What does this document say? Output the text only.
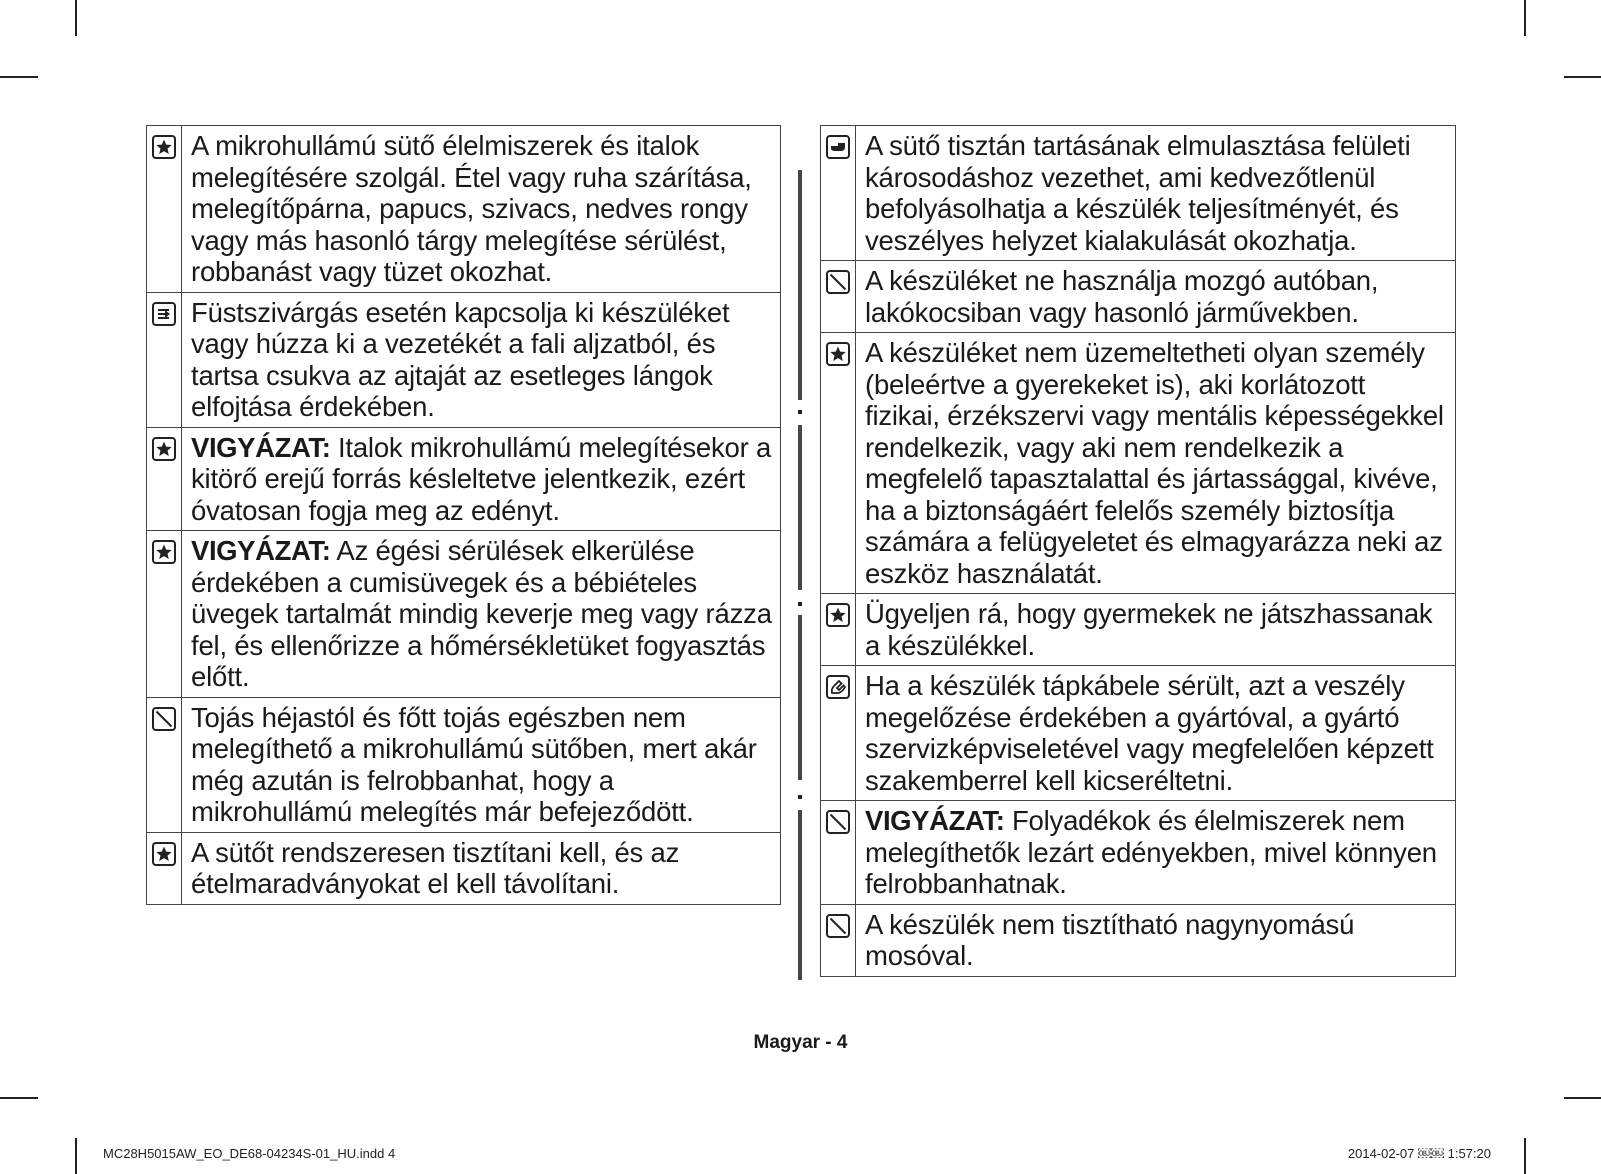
	A mikrohullámú sütő élelmiszerek és italok melegítésére szolgál. Étel vagy ruha szárítása, melegítőpárna, papucs, szivacs, nedves rongy vagy más hasonló tárgy melegítése sérülést, robbanást vagy tüzet okozhat.

	Füstszivárgás esetén kapcsolja ki készüléket vagy húzza ki a vezetékét a fali aljzatból, és tartsa csukva az ajtaját az esetleges lángok elfojtása érdekében.

	VIGYÁZAT: Italok mikrohullámú melegítésekor a kitörő erejű forrás késleltetve jelentkezik, ezért óvatosan fogja meg az edényt.

	VIGYÁZAT: Az égési sérülések elkerülése érdekében a cumisüvegek és a bébiételes üvegek tartalmát mindig keverje meg vagy rázza fel, és ellenőrizze a hőmérsékletüket fogyasztás előtt.

	Tojás héjastól és főtt tojás egészben nem melegíthető a mikrohullámú sütőben, mert akár még azután is felrobbanhat, hogy a mikrohullámú melegítés már befejeződött.

	A sütőt rendszeresen tisztítani kell, és az ételmaradványokat el kell távolítani.
	A sütő tisztán tartásának elmulasztása felületi károsodáshoz vezethet, ami kedvezőtlenül befolyásolhatja a készülék teljesítményét, és veszélyes helyzet kialakulását okozhatja.

	A készüléket ne használja mozgó autóban, lakókocsiban vagy hasonló járművekben.

	A készüléket nem üzemeltetheti olyan személy (beleértve a gyerekeket is), aki korlátozott fizikai, érzékszervi vagy mentális képességekkel rendelkezik, vagy aki nem rendelkezik a megfelelő tapasztalattal és jártassággal, kivéve, ha a biztonságáért felelős személy biztosítja számára a felügyeletet és elmagyarázza neki az eszköz használatát.

	Ügyeljen rá, hogy gyermekek ne játszhassanak a készülékkel.

	Ha a készülék tápkábele sérült, azt a veszély megelőzése érdekében a gyártóval, a gyártó szervizképviseletével vagy megfelelően képzett szakemberrel kell kicseréltetni.

	VIGYÁZAT: Folyadékok és élelmiszerek nem melegíthetők lezárt edényekben, mivel könnyen felrobbanhatnak.

	A készülék nem tisztítható nagynyomású mosóval.
Magyar - 4
MC28H5015AW_EO_DE68-04234S-01_HU.indd 4	2014-02-07 ￼￼ 1:57:20
